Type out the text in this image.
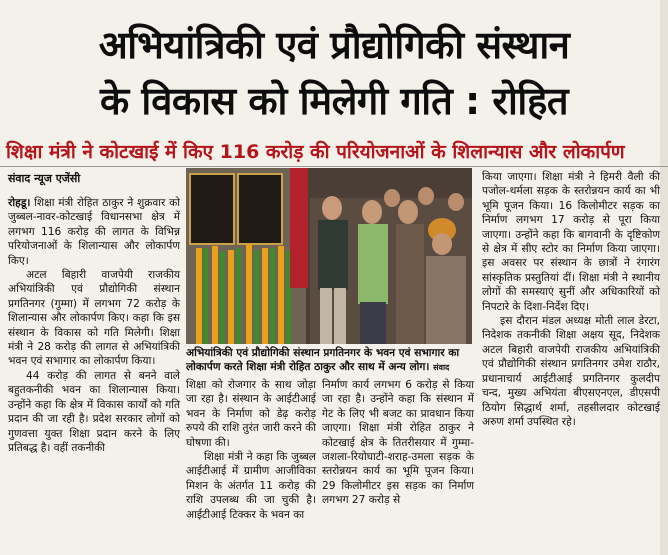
अभियांत्रिकी एवं प्रौद्योगिकी संस्थान
के विकास को मिलेगी गति : रोहित
शिक्षा मंत्री ने कोटखाई में किए 116 करोड़ की परियोजनाओं के शिलान्यास और लोकार्पण
संवाद न्यूज एजेंसी

रोहडू। शिक्षा मंत्री रोहित ठाकुर ने शुक्रवार को जुब्बल-नावर-कोटखाई विधानसभा क्षेत्र में लगभग 116 करोड़ की लागत के विभिन्न परियोजनाओं के शिलान्यास और लोकार्पण किए।

अटल बिहारी वाजपेयी राजकीय अभियांत्रिकी एवं प्रौद्योगिकी संस्थान प्रगतिनगर (गुम्मा) में लगभग 72 करोड़ के शिलान्यास और लोकार्पण किए। कहा कि इस संस्थान के विकास को गति मिलेगी। शिक्षा मंत्री ने 28 करोड़ की लागत से अभियांत्रिकी भवन एवं सभागार का लोकार्पण किया।

44 करोड़ की लागत से बनने वाले बहुतकनीकी भवन का शिलान्यास किया। उन्होंने कहा कि क्षेत्र में विकास कार्यों को गति प्रदान की जा रही है। प्रदेश सरकार लोगों को गुणवत्ता युक्त शिक्षा प्रदान करने के लिए प्रतिबद्ध है। वहीं तकनीकी

अभियांत्रिकी एवं प्रौद्योगिकी संस्थान प्रगतिनगर के भवन एवं सभागार का लोकार्पण करते शिक्षा मंत्री रोहित ठाकुर और साथ में अन्य लोग। संवाद

शिक्षा को रोजगार के साथ जोड़ा जा रहा है। संस्थान के आईटीआई भवन के निर्माण को डेढ़ करोड़ रुपये की राशि तुरंत जारी करने की घोषणा की।

शिक्षा मंत्री ने कहा कि जुब्बल आईटीआई में ग्रामीण आजीविका मिशन के अंतर्गत 11 करोड़ की राशि उपलब्ध की जा चुकी है। आईटीआई टिक्कर के भवन का

निर्माण कार्य लगभग 6 करोड़ से किया जा रहा है। उन्होंने कहा कि संस्थान में गेट के लिए भी बजट का प्रावधान किया जाएगा। शिक्षा मंत्री रोहित ठाकुर ने कोटखाई क्षेत्र के तितरीसयार में गुम्मा-जशला-रियोघाटी-शराह-उमला सड़क के स्तरोन्नयन कार्य का भूमि पूजन किया। 29 किलोमीटर इस सड़क का निर्माण लगभग 27 करोड़ से

किया जाएगा। शिक्षा मंत्री ने हिमरी वैली की पजोल-थर्मला सड़क के स्तरोन्नयन कार्य का भी भूमि पूजन किया। 16 किलोमीटर सड़क का निर्माण लगभग 17 करोड़ से पूरा किया जाएगा। उन्होंने कहा कि बागवानी के दृष्टिकोण से क्षेत्र में सीए स्टोर का निर्माण किया जाएगा। इस अवसर पर संस्थान के छात्रों ने रंगारंग सांस्कृतिक प्रस्तुतियां दीं। शिक्षा मंत्री ने स्थानीय लोगों की समस्याएं सुनीं और अधिकारियों को निपटारे के दिशा-निर्देश दिए।

इस दौरान मंडल अध्यक्ष मोती लाल डेरटा, निदेशक तकनीकी शिक्षा अक्षय सूद, निदेशक अटल बिहारी वाजपेयी राजकीय अभियांत्रिकी एवं प्रौद्योगिकी संस्थान प्रगतिनगर उमेश राठौर, प्रधानाचार्य आईटीआई प्रगतिनगर कुलदीप चन्द, मुख्य अभियंता बीएसएनएल, डीएसपी ठियोग सिद्धार्थ शर्मा, तहसीलदार कोटखाई अरुण शर्मा उपस्थित रहे।
